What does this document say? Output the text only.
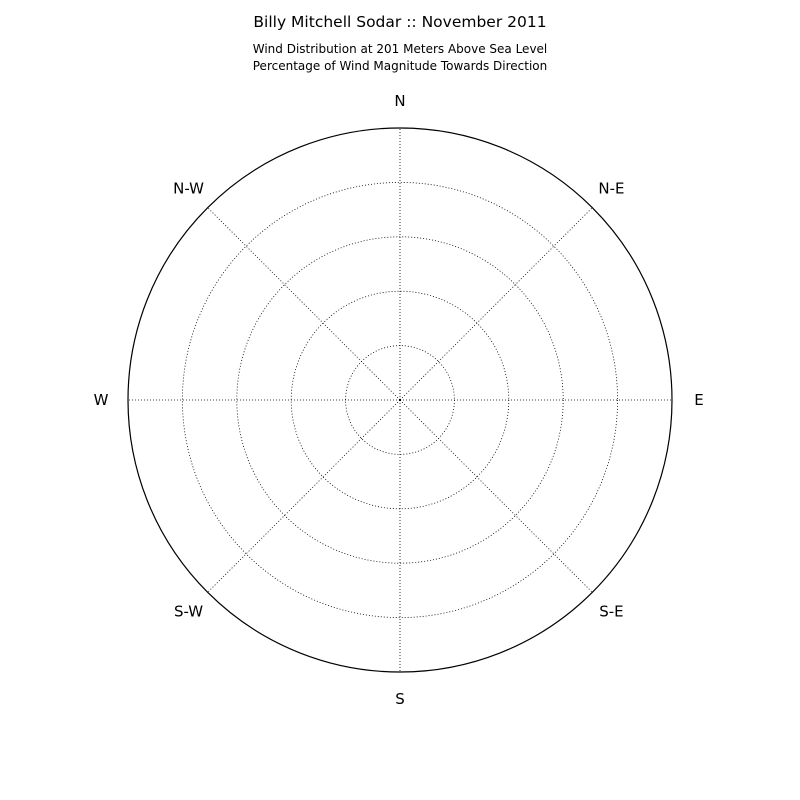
Billy Mitchell Sodar :: November 2011
Wind Distribution at 201 Meters Above Sea Level
Percentage of Wind Magnitude Towards Direction
E
N-E
N
N-W
W
S-W
S
S-E
